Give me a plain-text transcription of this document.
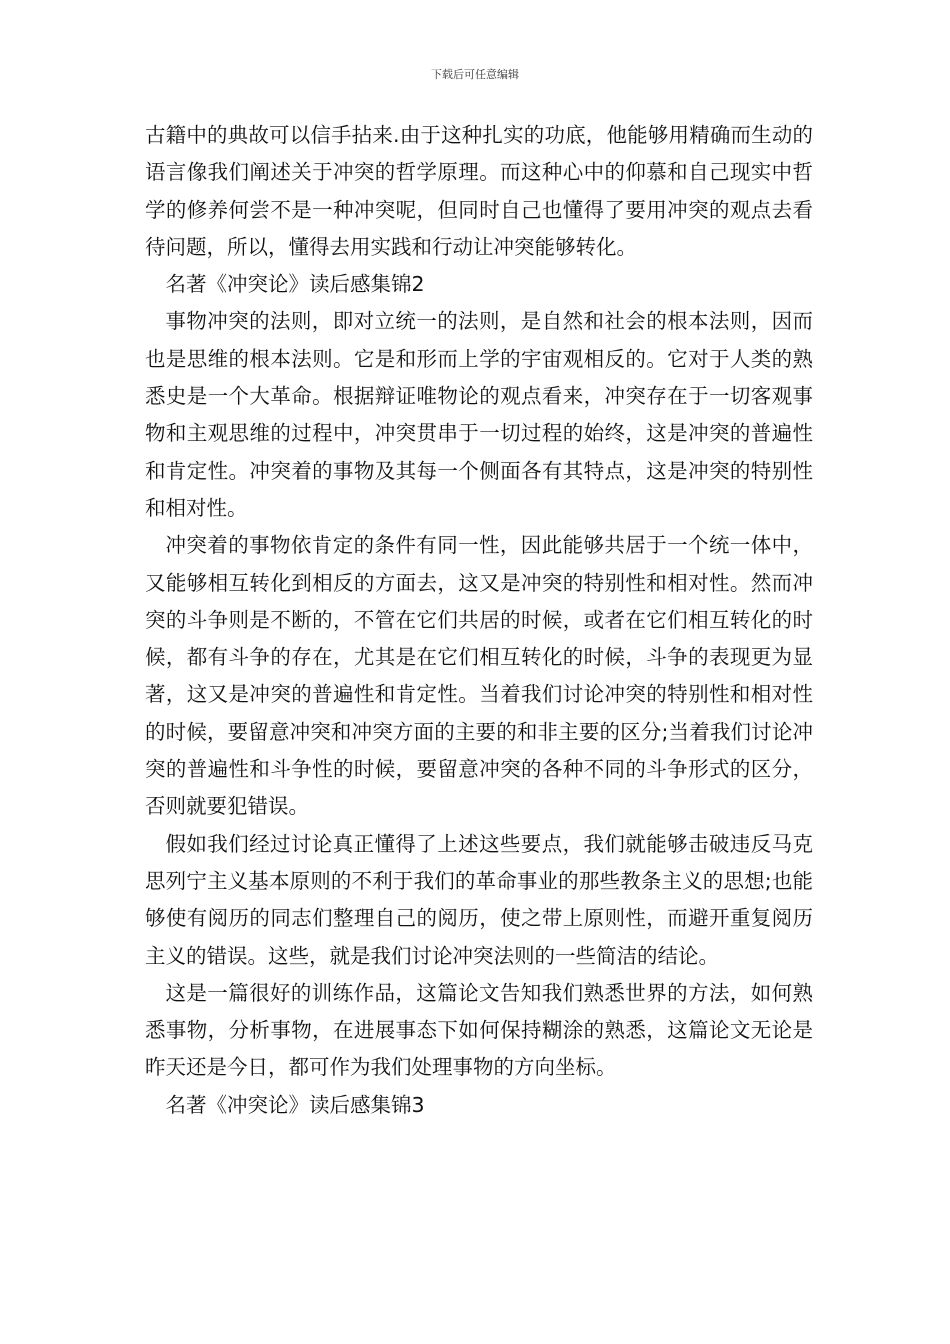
下载后可任意编辑

古籍中的典故可以信手拈来.由于这种扎实的功底，他能够用精确而生动的语言像我们阐述关于冲突的哲学原理。而这种心中的仰慕和自己现实中哲学的修养何尝不是一种冲突呢，但同时自己也懂得了要用冲突的观点去看待问题，所以，懂得去用实践和行动让冲突能够转化。

名著《冲突论》读后感集锦2

事物冲突的法则，即对立统一的法则，是自然和社会的根本法则，因而也是思维的根本法则。它是和形而上学的宇宙观相反的。它对于人类的熟悉史是一个大革命。根据辩证唯物论的观点看来，冲突存在于一切客观事物和主观思维的过程中，冲突贯串于一切过程的始终，这是冲突的普遍性和肯定性。冲突着的事物及其每一个侧面各有其特点，这是冲突的特别性和相对性。

冲突着的事物依肯定的条件有同一性，因此能够共居于一个统一体中，又能够相互转化到相反的方面去，这又是冲突的特别性和相对性。然而冲突的斗争则是不断的，不管在它们共居的时候，或者在它们相互转化的时候，都有斗争的存在，尤其是在它们相互转化的时候，斗争的表现更为显著，这又是冲突的普遍性和肯定性。当着我们讨论冲突的特别性和相对性的时候，要留意冲突和冲突方面的主要的和非主要的区分;当着我们讨论冲突的普遍性和斗争性的时候，要留意冲突的各种不同的斗争形式的区分，否则就要犯错误。

假如我们经过讨论真正懂得了上述这些要点，我们就能够击破违反马克思列宁主义基本原则的不利于我们的革命事业的那些教条主义的思想;也能够使有阅历的同志们整理自己的阅历，使之带上原则性，而避开重复阅历主义的错误。这些，就是我们讨论冲突法则的一些简洁的结论。

这是一篇很好的训练作品，这篇论文告知我们熟悉世界的方法，如何熟悉事物，分析事物，在进展事态下如何保持糊涂的熟悉，这篇论文无论是昨天还是今日，都可作为我们处理事物的方向坐标。

名著《冲突论》读后感集锦3
